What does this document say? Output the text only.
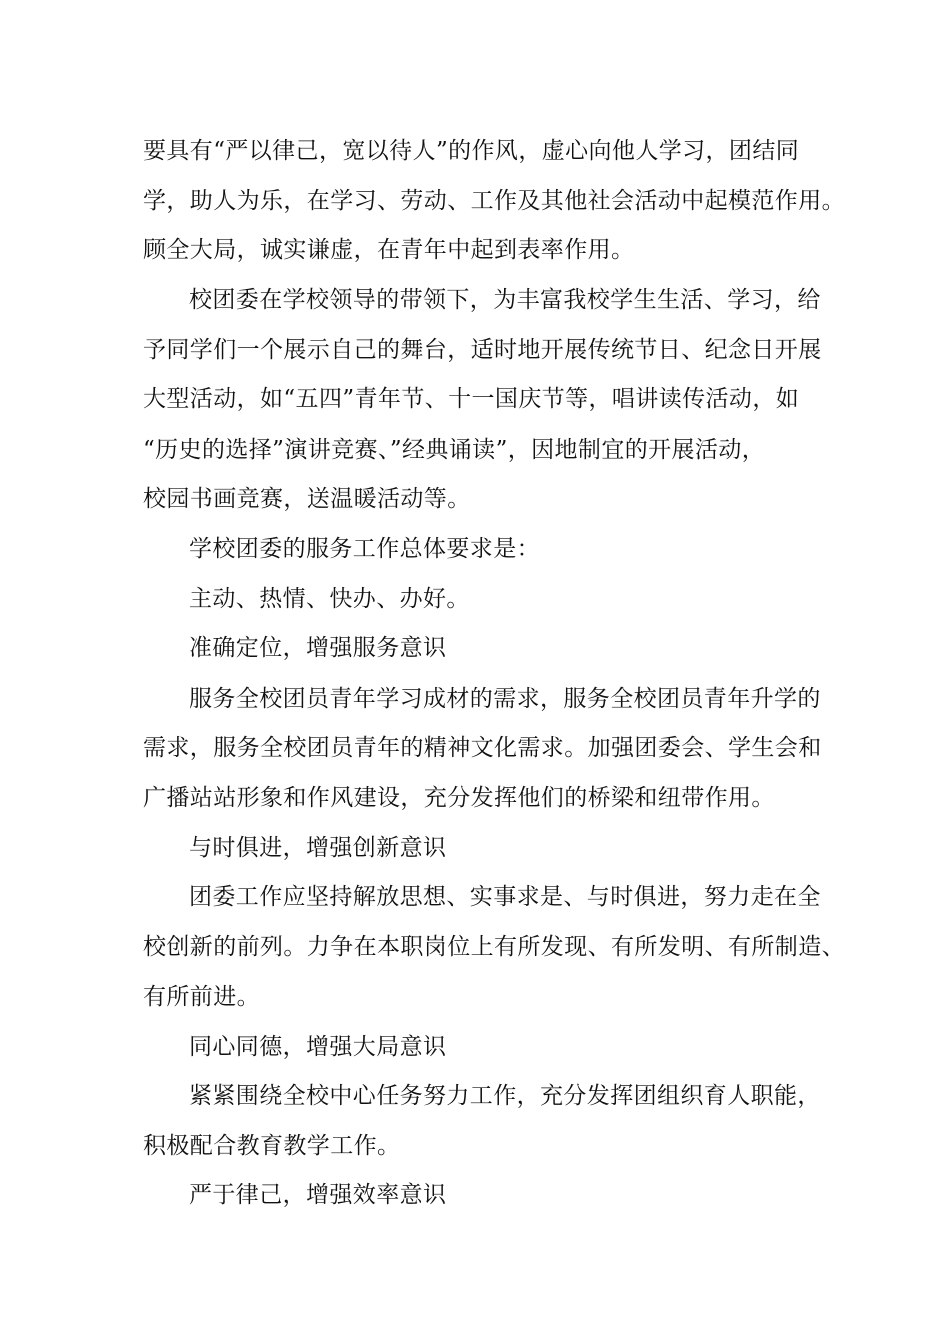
要具有“严以律己，宽以待人”的作风，虚心向他人学习，团结同
学，助人为乐，在学习、劳动、工作及其他社会活动中起模范作用。
顾全大局，诚实谦虚，在青年中起到表率作用。
校团委在学校领导的带领下，为丰富我校学生生活、学习，给
予同学们一个展示自己的舞台，适时地开展传统节日、纪念日开展
大型活动，如“五四”青年节、十一国庆节等，唱讲读传活动，如
“历史的选择”演讲竞赛、”经典诵读”，因地制宜的开展活动，
校园书画竞赛，送温暖活动等。
学校团委的服务工作总体要求是：
主动、热情、快办、办好。
准确定位，增强服务意识
服务全校团员青年学习成材的需求，服务全校团员青年升学的
需求，服务全校团员青年的精神文化需求。加强团委会、学生会和
广播站站形象和作风建设，充分发挥他们的桥梁和纽带作用。
与时俱进，增强创新意识
团委工作应坚持解放思想、实事求是、与时俱进，努力走在全
校创新的前列。力争在本职岗位上有所发现、有所发明、有所制造、
有所前进。
同心同德，增强大局意识
紧紧围绕全校中心任务努力工作，充分发挥团组织育人职能，
积极配合教育教学工作。
严于律己，增强效率意识
